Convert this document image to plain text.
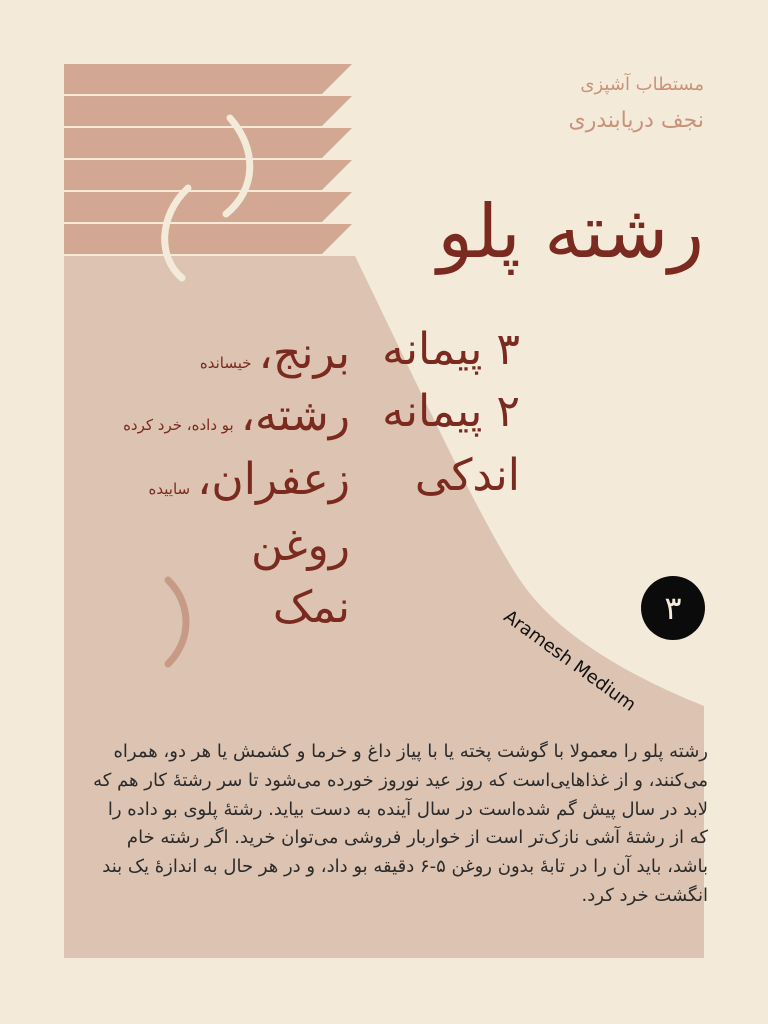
مستطاب آشپزی
نجف دریابندری
رشته پلو
۳ پیمانه
۲ پیمانه
اندکی
برنج، خیسانده
رشته، بو داده، خرد کرده
زعفران، ساییده
روغن
نمک	Aramesh Medium ۳
رشته پلو را معمولا با گوشت پخته یا با پیاز داغ و خرما و کشمش یا هر دو، همراه می‌کنند، و از غذاهایی‌است که روز عید نوروز خورده می‌شود تا سر رشتهٔ کار هم که لابد در سال پیش گم شده‌است در سال آینده به دست بیاید. رشتهٔ پلوی بو داده را که از رشتهٔ آشی نازک‌تر است از خواربار فروشی می‌توان خرید. اگر رشته خام باشد، باید آن را در تابهٔ بدون روغن ۵-۶ دقیقه بو داد، و در هر حال به اندازهٔ یک بند انگشت خرد کرد.
